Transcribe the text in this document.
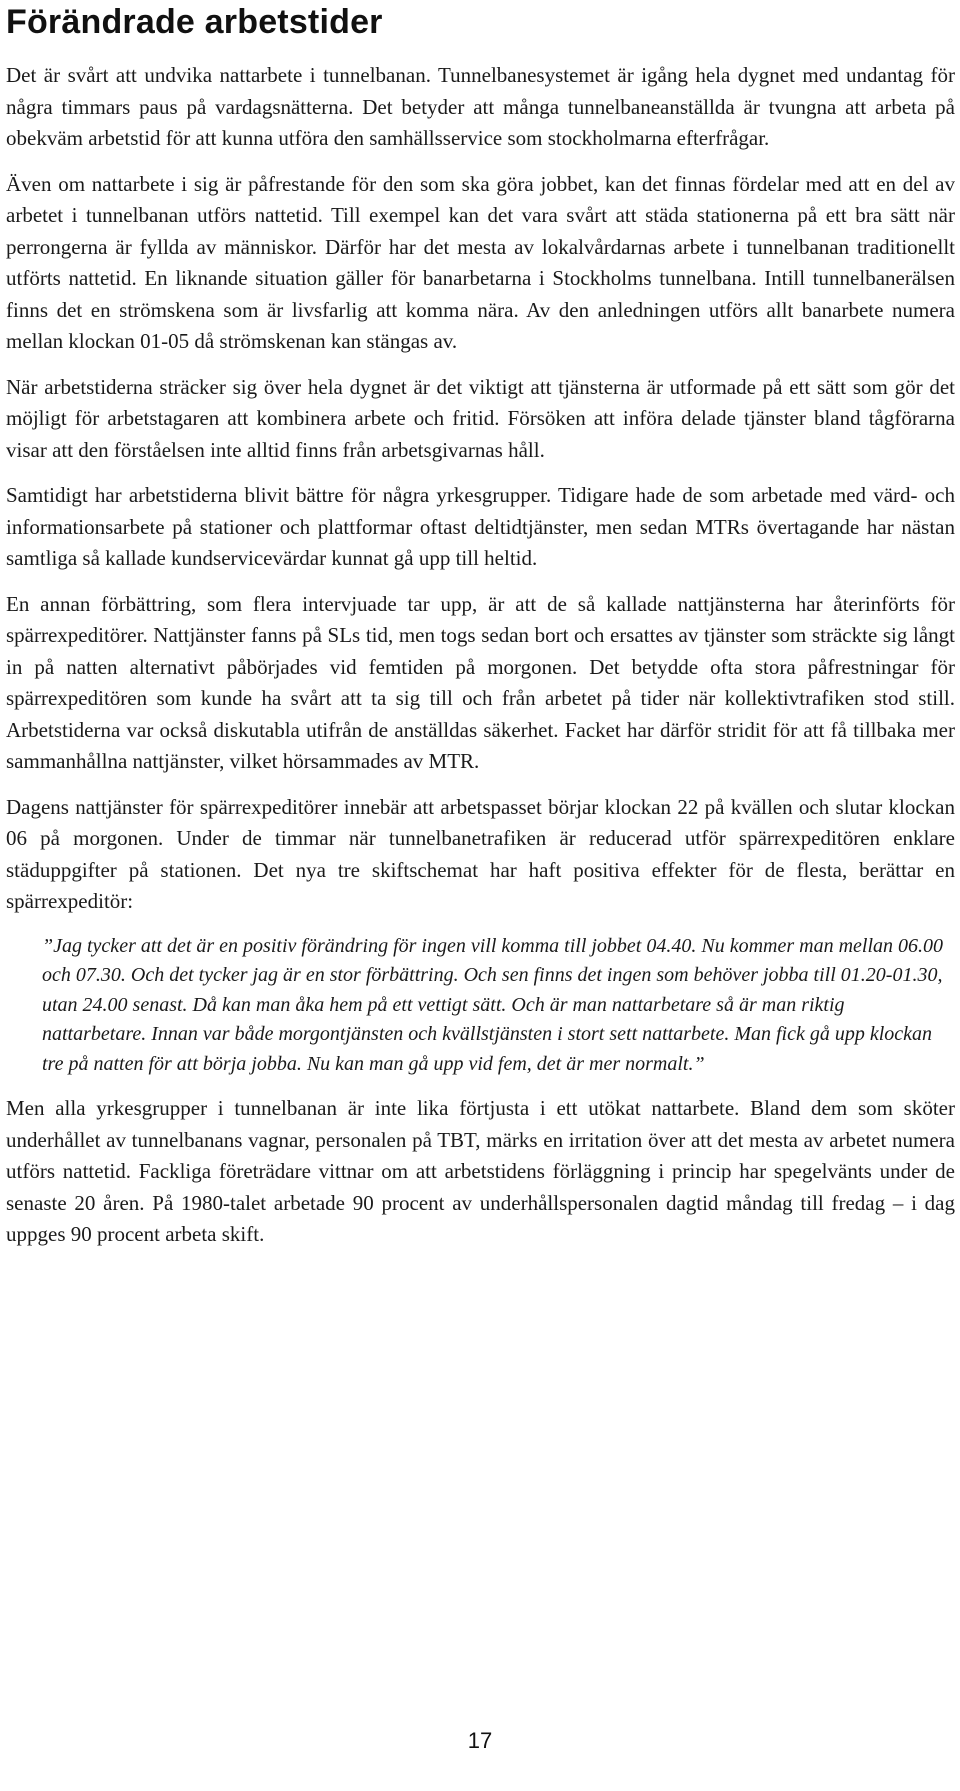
Förändrade arbetstider

Det är svårt att undvika nattarbete i tunnelbanan. Tunnelbanesystemet är igång hela dygnet med undantag för några timmars paus på vardagsnätterna. Det betyder att många tunnelbaneanställda är tvungna att arbeta på obekväm arbetstid för att kunna utföra den samhällsservice som stockholmarna efterfrågar.

Även om nattarbete i sig är påfrestande för den som ska göra jobbet, kan det finnas fördelar med att en del av arbetet i tunnelbanan utförs nattetid. Till exempel kan det vara svårt att städa stationerna på ett bra sätt när perrongerna är fyllda av människor. Därför har det mesta av lokalvårdarnas arbete i tunnelbanan traditionellt utförts nattetid. En liknande situation gäller för banarbetarna i Stockholms tunnelbana. Intill tunnelbanerälsen finns det en strömskena som är livsfarlig att komma nära. Av den anledningen utförs allt banarbete numera mellan klockan 01-05 då strömskenan kan stängas av.

När arbetstiderna sträcker sig över hela dygnet är det viktigt att tjänsterna är utformade på ett sätt som gör det möjligt för arbetstagaren att kombinera arbete och fritid. Försöken att införa delade tjänster bland tågförarna visar att den förståelsen inte alltid finns från arbetsgivarnas håll.

Samtidigt har arbetstiderna blivit bättre för några yrkesgrupper. Tidigare hade de som arbetade med värd- och informationsarbete på stationer och plattformar oftast deltidtjänster, men sedan MTRs övertagande har nästan samtliga så kallade kundservicevärdar kunnat gå upp till heltid.

En annan förbättring, som flera intervjuade tar upp, är att de så kallade nattjänsterna har återinförts för spärrexpeditörer. Nattjänster fanns på SLs tid, men togs sedan bort och ersattes av tjänster som sträckte sig långt in på natten alternativt påbörjades vid femtiden på morgonen. Det betydde ofta stora påfrestningar för spärrexpeditören som kunde ha svårt att ta sig till och från arbetet på tider när kollektivtrafiken stod still. Arbetstiderna var också diskutabla utifrån de anställdas säkerhet. Facket har därför stridit för att få tillbaka mer sammanhållna nattjänster, vilket hörsammades av MTR.

Dagens nattjänster för spärrexpeditörer innebär att arbetspasset börjar klockan 22 på kvällen och slutar klockan 06 på morgonen. Under de timmar när tunnelbanetrafiken är reducerad utför spärrexpeditören enklare städuppgifter på stationen. Det nya tre skiftschemat har haft positiva effekter för de flesta, berättar en spärrexpeditör:

”Jag tycker att det är en positiv förändring för ingen vill komma till jobbet 04.40. Nu kommer man mellan 06.00 och 07.30. Och det tycker jag är en stor förbättring. Och sen finns det ingen som behöver jobba till 01.20-01.30, utan 24.00 senast. Då kan man åka hem på ett vettigt sätt. Och är man nattarbetare så är man riktig nattarbetare. Innan var både morgontjänsten och kvällstjänsten i stort sett nattarbete. Man fick gå upp klockan tre på natten för att börja jobba. Nu kan man gå upp vid fem, det är mer normalt.”

Men alla yrkesgrupper i tunnelbanan är inte lika förtjusta i ett utökat nattarbete. Bland dem som sköter underhållet av tunnelbanans vagnar, personalen på TBT, märks en irritation över att det mesta av arbetet numera utförs nattetid. Fackliga företrädare vittnar om att arbetstidens förläggning i princip har spegelvänts under de senaste 20 åren. På 1980-talet arbetade 90 procent av underhållspersonalen dagtid måndag till fredag – i dag uppges 90 procent arbeta skift.

17
